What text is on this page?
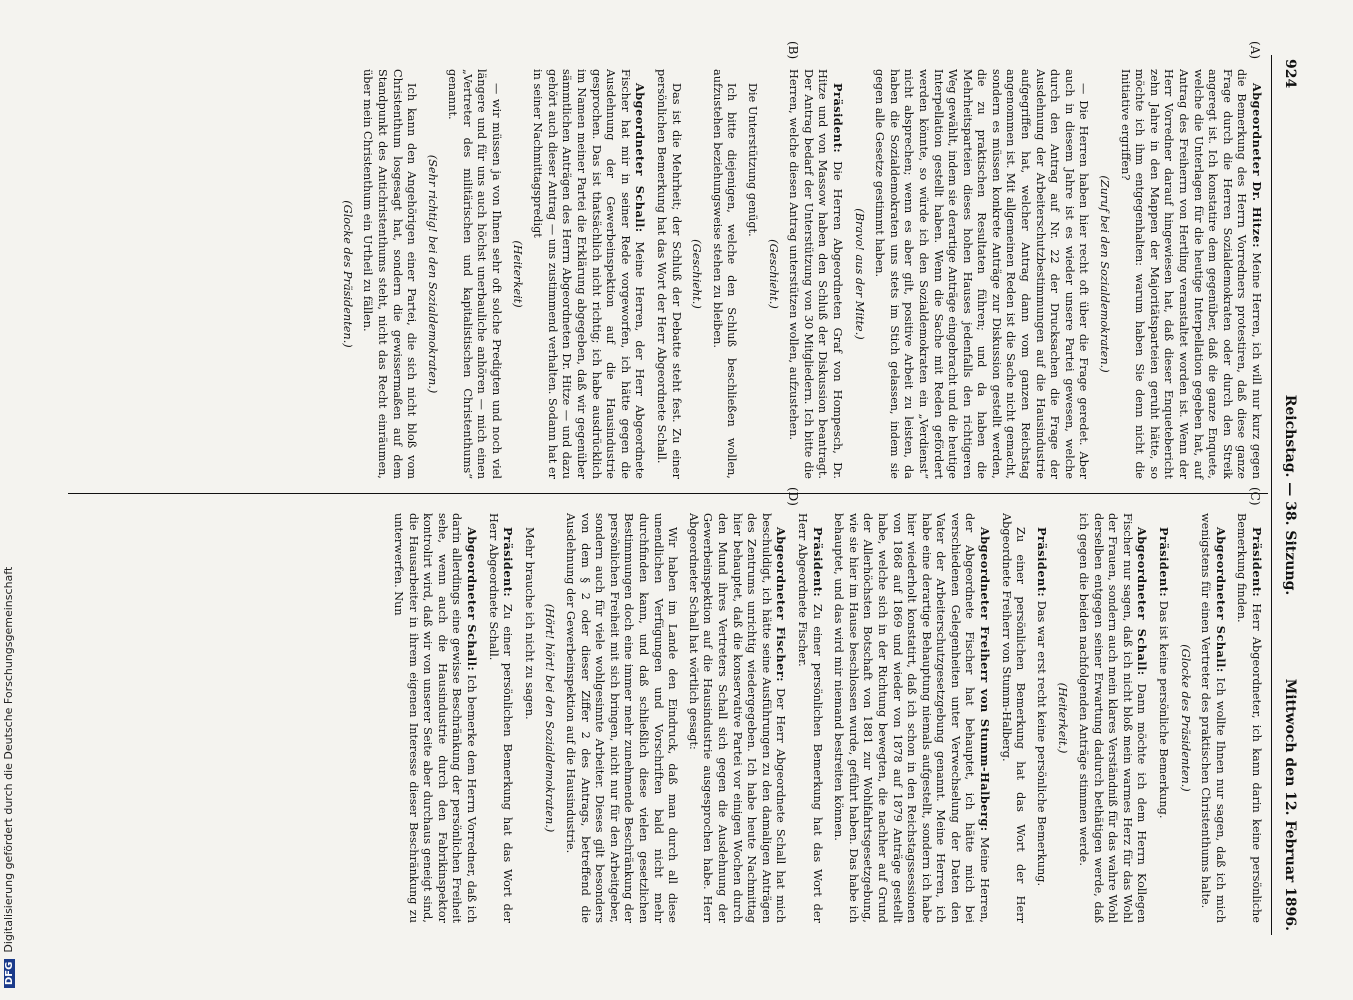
924
Reichstag. — 38. Sitzung.
Mittwoch den 12. Februar 1896.
(A)
(B)
(C)
(D)

Abgeordneter Dr. Hitze: Meine Herren, ich will nur kurz gegen die Bemerkung des Herrn Vorredners protestiren, daß diese ganze Frage durch die Herren Sozialdemokraten oder durch den Streik angeregt ist. Ich konstatire dem gegenüber, daß die ganze Enquete, welche die Unterlagen für die heutige Interpellation gegeben hat, auf Antrag des Freiherrn von Hertling veranstaltet worden ist. Wenn der Herr Vorredner darauf hingewiesen hat, daß dieser Enquetebericht zehn Jahre in den Mappen der Majoritätsparteien geruht hätte, so möchte ich ihm entgegenhalten: warum haben Sie denn nicht die Initiative ergriffen?

(Zuruf bei den Sozialdemokraten.)

— Die Herren haben hier recht oft über die Frage geredet. Aber auch in diesem Jahre ist es wieder unsere Partei gewesen, welche durch den Antrag auf Nr. 22 der Drucksachen die Frage der Ausdehnung der Arbeiterschutzbestimmungen auf die Hausindustrie aufgegriffen hat, welcher Antrag dann vom ganzen Reichstag angenommen ist. Mit allgemeinen Reden ist die Sache nicht gemacht, sondern es müssen konkrete Anträge zur Diskussion gestellt werden, die zu praktischen Resultaten führen; und da haben die Mehrheitsparteien dieses hohen Hauses jedenfalls den richtigeren Weg gewählt, indem sie derartige Anträge eingebracht und die heutige Interpellation gestellt haben. Wenn die Sache mit Reden gefördert werden könnte, so würde ich den Sozialdemokraten ein „Verdienst“ nicht absprechen; wenn es aber gilt, positive Arbeit zu leisten, da haben die Sozialdemokraten uns stets im Stich gelassen, indem sie gegen alle Gesetze gestimmt haben.

(Bravo! aus der Mitte.)

Präsident: Die Herren Abgeordneten Graf von Hompesch, Dr. Hitze und von Massow haben den Schluß der Diskussion beantragt. Der Antrag bedarf der Unterstützung von 30 Mitgliedern. Ich bitte die Herren, welche diesen Antrag unterstützen wollen, aufzustehen.

(Geschieht.)

Die Unterstützung genügt.

Ich bitte diejenigen, welche den Schluß beschließen wollen, aufzustehen beziehungsweise stehen zu bleiben.

(Geschieht.)

Das ist die Mehrheit; der Schluß der Debatte steht fest. Zu einer persönlichen Bemerkung hat das Wort der Herr Abgeordnete Schall.

Abgeordneter Schall: Meine Herren, der Herr Abgeordnete Fischer hat mir in seiner Rede vorgeworfen, ich hätte gegen die Ausdehnung der Gewerbeinspektion auf die Hausindustrie gesprochen. Das ist thatsächlich nicht richtig; ich habe ausdrücklich im Namen meiner Partei die Erklärung abgegeben, daß wir gegenüber sämmtlichen Anträgen des Herrn Abgeordneten Dr. Hitze — und dazu gehört auch dieser Antrag — uns zustimmend verhalten. Sodann hat er in seiner Nachmittagspredigt

(Heiterkeit)

— wir müssen ja von Ihnen sehr oft solche Predigten und noch viel längere und für uns auch höchst unerbauliche anhören — mich einen „Vertreter des militärischen und kapitalistischen Christenthums“ genannt.

(Sehr richtig! bei den Sozialdemokraten.)

Ich kann den Angehörigen einer Partei, die sich nicht bloß vom Christenthum losgesagt hat, sondern die gewissermaßen auf dem Standpunkt des Antichristenthums steht, nicht das Recht einräumen, über mein Christenthum ein Urtheil zu fällen.

(Glocke des Präsidenten.)

Präsident: Herr Abgeordneter, ich kann darin keine persönliche Bemerkung finden.

Abgeordneter Schall: Ich wollte Ihnen nur sagen, daß ich mich wenigstens für einen Vertreter des praktischen Christenthums halte.

(Glocke des Präsidenten.)

Präsident: Das ist keine persönliche Bemerkung.

Abgeordneter Schall: Dann möchte ich dem Herrn Kollegen Fischer nur sagen, daß ich nicht bloß mein warmes Herz für das Wohl der Frauen, sondern auch mein klares Verständniß für das wahre Wohl derselben entgegen seiner Erwartung dadurch bethätigen werde, daß ich gegen die beiden nachfolgenden Anträge stimmen werde.

(Heiterkeit.)

Präsident: Das war erst recht keine persönliche Bemerkung.

Zu einer persönlichen Bemerkung hat das Wort der Herr Abgeordnete Freiherr von Stumm-Halberg.

Abgeordneter Freiherr von Stumm-Halberg: Meine Herren, der Abgeordnete Fischer hat behauptet, ich hätte mich bei verschiedenen Gelegenheiten unter Verwechselung der Daten den Vater der Arbeiterschutzgesetzgebung genannt. Meine Herren, ich habe eine derartige Behauptung niemals aufgestellt, sondern ich habe hier wiederholt konstatirt, daß ich schon in den Reichstagssessionen von 1868 auf 1869 und wieder von 1878 auf 1879 Anträge gestellt habe, welche sich in der Richtung bewegten, die nachher auf Grund der Allerhöchsten Botschaft von 1881 zur Wohlfahrtsgesetzgebung, wie sie hier im Hause beschlossen wurde, geführt haben. Das habe ich behauptet, und das wird mir niemand bestreiten können.

Präsident: Zu einer persönlichen Bemerkung hat das Wort der Herr Abgeordnete Fischer.

Abgeordneter Fischer: Der Herr Abgeordnete Schall hat mich beschuldigt, ich hätte seine Ausführungen zu den damaligen Anträgen des Zentrums unrichtig wiedergegeben. Ich habe heute Nachmittag hier behauptet, daß die konservative Partei vor einigen Wochen durch den Mund ihres Vertreters Schall sich gegen die Ausdehnung der Gewerbeinspektion auf die Hausindustrie ausgesprochen habe. Herr Abgeordneter Schall hat wörtlich gesagt:

Wir haben im Lande den Eindruck, daß man durch all diese unendlichen Verfügungen und Vorschriften bald nicht mehr durchfinden kann, und daß schließlich diese vielen gesetzlichen Bestimmungen doch eine immer mehr zunehmende Beschränkung der persönlichen Freiheit mit sich bringen, nicht nur für den Arbeitgeber, sondern auch für viele wohlgesinnte Arbeiter. Dieses gilt besonders von dem § 2 oder dieser Ziffer 2 des Antrags, betreffend die Ausdehnung der Gewerbeinspektion auf die Hausindustrie.

(Hört! hört! bei den Sozialdemokraten.)

Mehr brauche ich nicht zu sagen.

Präsident: Zu einer persönlichen Bemerkung hat das Wort der Herr Abgeordnete Schall.

Abgeordneter Schall: Ich bemerke dem Herrn Vorredner, daß ich darin allerdings eine gewisse Beschränkung der persönlichen Freiheit sehe, wenn auch die Hausindustrie durch den Fabrikinspektor kontrolirt wird, daß wir von unserer Seite aber durchaus geneigt sind, die Hausarbeiter in ihrem eigenen Interesse dieser Beschränkung zu unterwerfen. Nun

DFGDigitalisierung gefördert durch die Deutsche Forschungsgemeinschaft
